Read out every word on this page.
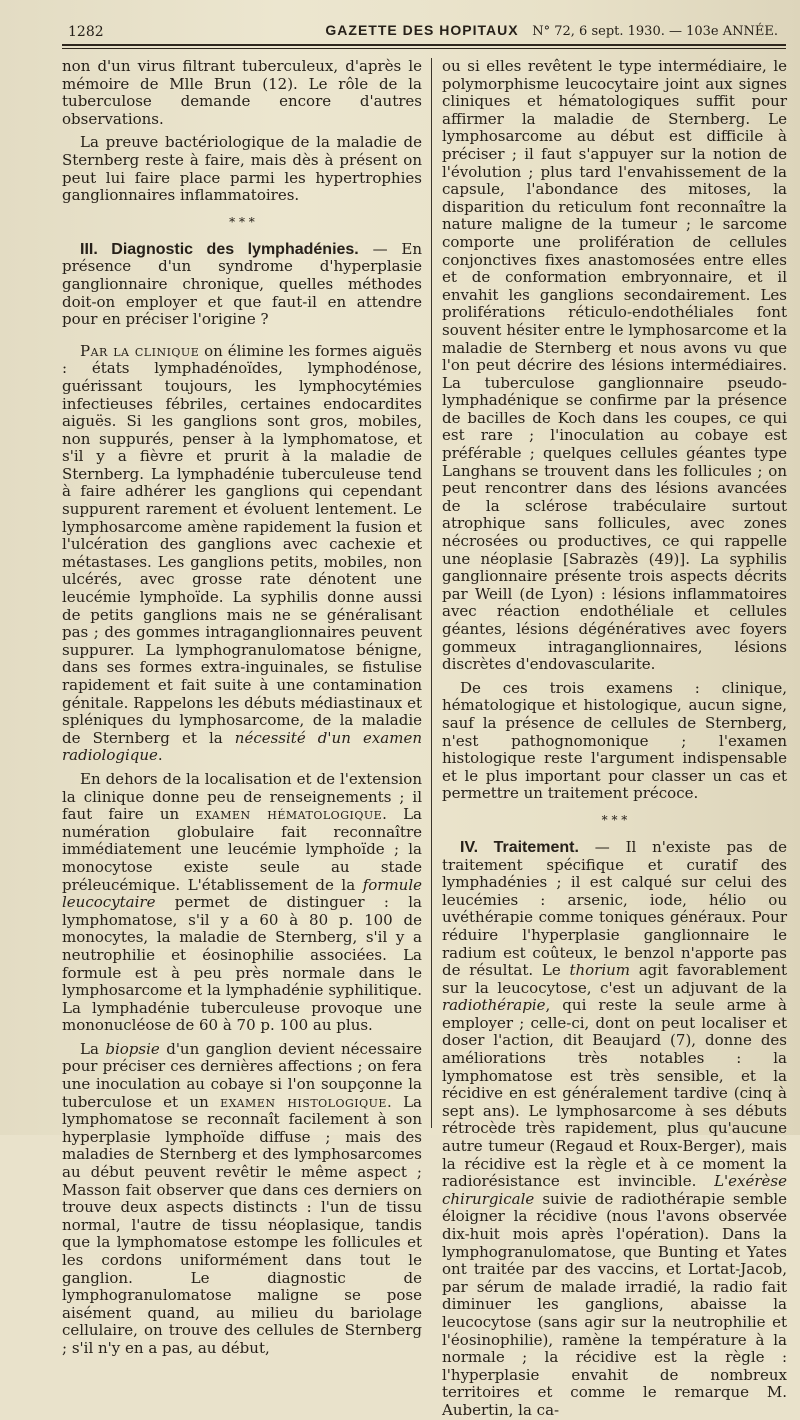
1282	GAZETTE DES HOPITAUX	N° 72, 6 sept. 1930. — 103e ANNÉE.

non d'un virus filtrant tuberculeux, d'après le mémoire de Mlle Brun (12). Le rôle de la tuberculose demande encore d'autres observations.

La preuve bactériologique de la maladie de Sternberg reste à faire, mais dès à présent on peut lui faire place parmi les hypertrophies ganglionnaires inflammatoires.

* * *

III. Diagnostic des lymphadénies. — En présence d'un syndrome d'hyperplasie ganglionnaire chronique, quelles méthodes doit-on employer et que faut-il en attendre pour en préciser l'origine ?

Par la clinique on élimine les formes aiguës : états lymphadénoïdes, lymphodénose, guérissant toujours, les lymphocytémies infectieuses fébriles, certaines endocardites aiguës. Si les ganglions sont gros, mobiles, non suppurés, penser à la lymphomatose, et s'il y a fièvre et prurit à la maladie de Sternberg. La lymphadénie tuberculeuse tend à faire adhérer les ganglions qui cependant suppurent rarement et évoluent lentement. Le lymphosarcome amène rapidement la fusion et l'ulcération des ganglions avec cachexie et métastases. Les ganglions petits, mobiles, non ulcérés, avec grosse rate dénotent une leucémie lymphoïde. La syphilis donne aussi de petits ganglions mais ne se généralisant pas ; des gommes intraganglionnaires peuvent suppurer. La lymphogranulomatose bénigne, dans ses formes extra-inguinales, se fistulise rapidement et fait suite à une contamination génitale. Rappelons les débuts médiastinaux et spléniques du lymphosarcome, de la maladie de Sternberg et la nécessité d'un examen radiologique.

En dehors de la localisation et de l'extension la clinique donne peu de renseignements ; il faut faire un examen hématologique. La numération globulaire fait reconnaître immédiatement une leucémie lymphoïde ; la monocytose existe seule au stade préleucémique. L'établissement de la formule leucocytaire permet de distinguer : la lymphomatose, s'il y a 60 à 80 p. 100 de monocytes, la maladie de Sternberg, s'il y a neutrophilie et éosinophilie associées. La formule est à peu près normale dans le lymphosarcome et la lymphadénie syphilitique. La lymphadénie tuberculeuse provoque une mononucléose de 60 à 70 p. 100 au plus.

La biopsie d'un ganglion devient nécessaire pour préciser ces dernières affections ; on fera une inoculation au cobaye si l'on soupçonne la tuberculose et un examen histologique. La lymphomatose se reconnaît facilement à son hyperplasie lymphoïde diffuse ; mais des maladies de Sternberg et des lymphosarcomes au début peuvent revêtir le même aspect ; Masson fait observer que dans ces derniers on trouve deux aspects distincts : l'un de tissu normal, l'autre de tissu néoplasique, tandis que la lymphomatose estompe les follicules et les cordons uniformément dans tout le ganglion. Le diagnostic de lymphogranulomatose maligne se pose aisément quand, au milieu du bariolage cellulaire, on trouve des cellules de Sternberg ; s'il n'y en a pas, au début,

ou si elles revêtent le type intermédiaire, le polymorphisme leucocytaire joint aux signes cliniques et hématologiques suffit pour affirmer la maladie de Sternberg. Le lymphosarcome au début est difficile à préciser ; il faut s'appuyer sur la notion de l'évolution ; plus tard l'envahissement de la capsule, l'abondance des mitoses, la disparition du reticulum font reconnaître la nature maligne de la tumeur ; le sarcome comporte une prolifération de cellules conjonctives fixes anastomosées entre elles et de conformation embryonnaire, et il envahit les ganglions secondairement. Les proliférations réticulo-endothéliales font souvent hésiter entre le lymphosarcome et la maladie de Sternberg et nous avons vu que l'on peut décrire des lésions intermédiaires. La tuberculose ganglionnaire pseudo-lymphadénique se confirme par la présence de bacilles de Koch dans les coupes, ce qui est rare ; l'inoculation au cobaye est préférable ; quelques cellules géantes type Langhans se trouvent dans les follicules ; on peut rencontrer dans des lésions avancées de la sclérose trabéculaire surtout atrophique sans follicules, avec zones nécrosées ou productives, ce qui rappelle une néoplasie [Sabrazès (49)]. La syphilis ganglionnaire présente trois aspects décrits par Weill (de Lyon) : lésions inflammatoires avec réaction endothéliale et cellules géantes, lésions dégénératives avec foyers gommeux intraganglionnaires, lésions discrètes d'endovascularite.

De ces trois examens : clinique, hématologique et histologique, aucun signe, sauf la présence de cellules de Sternberg, n'est pathognomonique ; l'examen histologique reste l'argument indispensable et le plus important pour classer un cas et permettre un traitement précoce.

* * *

IV. Traitement. — Il n'existe pas de traitement spécifique et curatif des lymphadénies ; il est calqué sur celui des leucémies : arsenic, iode, hélio ou uvéthérapie comme toniques généraux. Pour réduire l'hyperplasie ganglionnaire le radium est coûteux, le benzol n'apporte pas de résultat. Le thorium agit favorablement sur la leucocytose, c'est un adjuvant de la radiothérapie, qui reste la seule arme à employer ; celle-ci, dont on peut localiser et doser l'action, dit Beaujard (7), donne des améliorations très notables : la lymphomatose est très sensible, et la récidive en est généralement tardive (cinq à sept ans). Le lymphosarcome à ses débuts rétrocède très rapidement, plus qu'aucune autre tumeur (Regaud et Roux-Berger), mais la récidive est la règle et à ce moment la radiorésistance est invincible. L'exérèse chirurgicale suivie de radiothérapie semble éloigner la récidive (nous l'avons observée dix-huit mois après l'opération). Dans la lymphogranulomatose, que Bunting et Yates ont traitée par des vaccins, et Lortat-Jacob, par sérum de malade irradié, la radio fait diminuer les ganglions, abaisse la leucocytose (sans agir sur la neutrophilie et l'éosinophilie), ramène la température à la normale ; la récidive est la règle : l'hyperplasie envahit de nombreux territoires et comme le remarque M. Aubertin, la ca-
